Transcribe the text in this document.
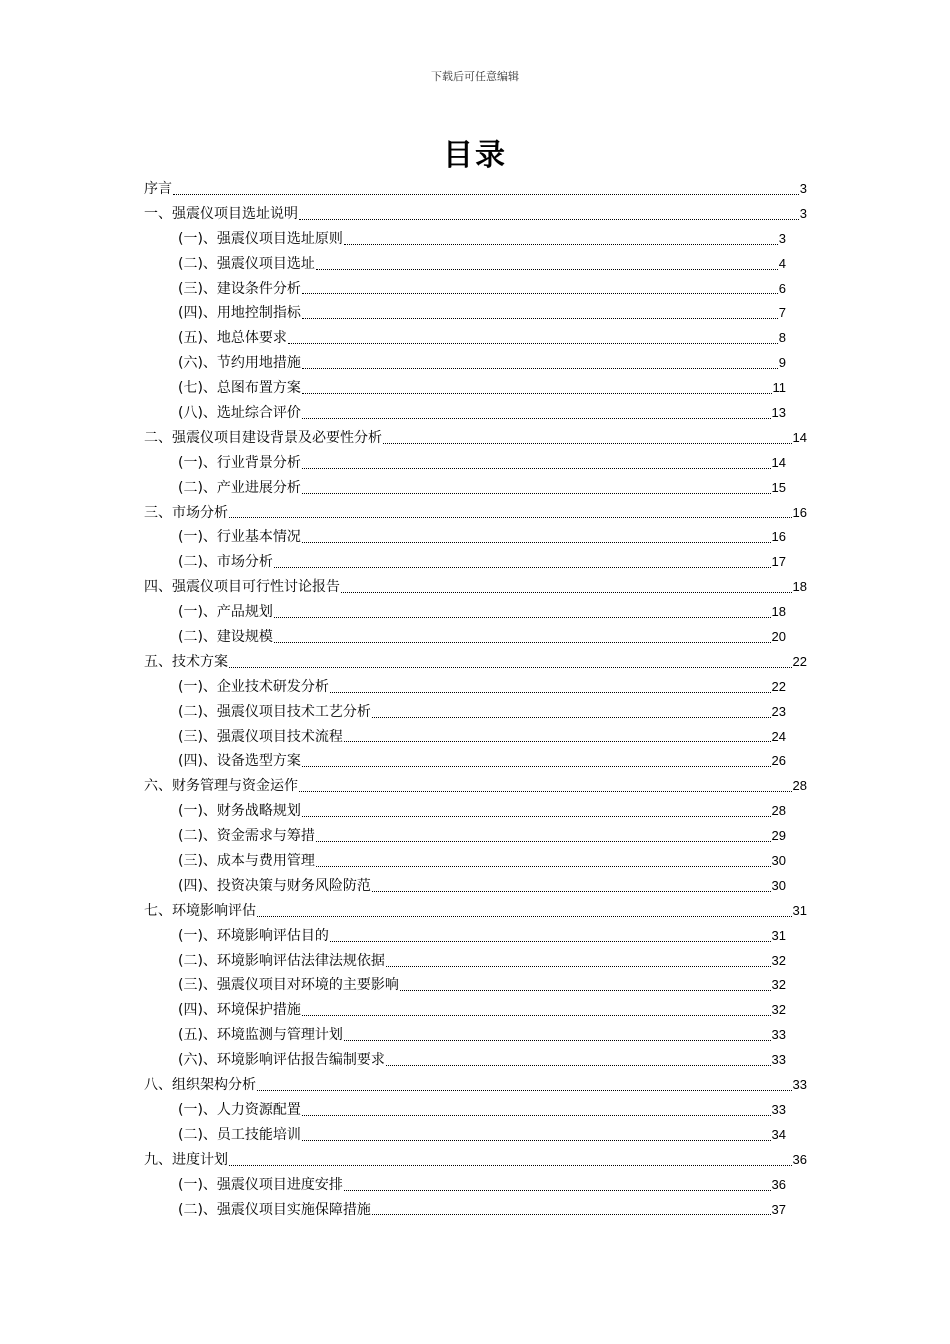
下载后可任意编辑
目录
序言	3
一、强震仪项目选址说明	3
(一)、强震仪项目选址原则	3
(二)、强震仪项目选址	4
(三)、建设条件分析	6
(四)、用地控制指标	7
(五)、地总体要求	8
(六)、节约用地措施	9
(七)、总图布置方案	11
(八)、选址综合评价	13
二、强震仪项目建设背景及必要性分析	14
(一)、行业背景分析	14
(二)、产业进展分析	15
三、市场分析	16
(一)、行业基本情况	16
(二)、市场分析	17
四、强震仪项目可行性讨论报告	18
(一)、产品规划	18
(二)、建设规模	20
五、技术方案	22
(一)、企业技术研发分析	22
(二)、强震仪项目技术工艺分析	23
(三)、强震仪项目技术流程	24
(四)、设备选型方案	26
六、财务管理与资金运作	28
(一)、财务战略规划	28
(二)、资金需求与筹措	29
(三)、成本与费用管理	30
(四)、投资决策与财务风险防范	30
七、环境影响评估	31
(一)、环境影响评估目的	31
(二)、环境影响评估法律法规依据	32
(三)、强震仪项目对环境的主要影响	32
(四)、环境保护措施	32
(五)、环境监测与管理计划	33
(六)、环境影响评估报告编制要求	33
八、组织架构分析	33
(一)、人力资源配置	33
(二)、员工技能培训	34
九、进度计划	36
(一)、强震仪项目进度安排	36
(二)、强震仪项目实施保障措施	37
